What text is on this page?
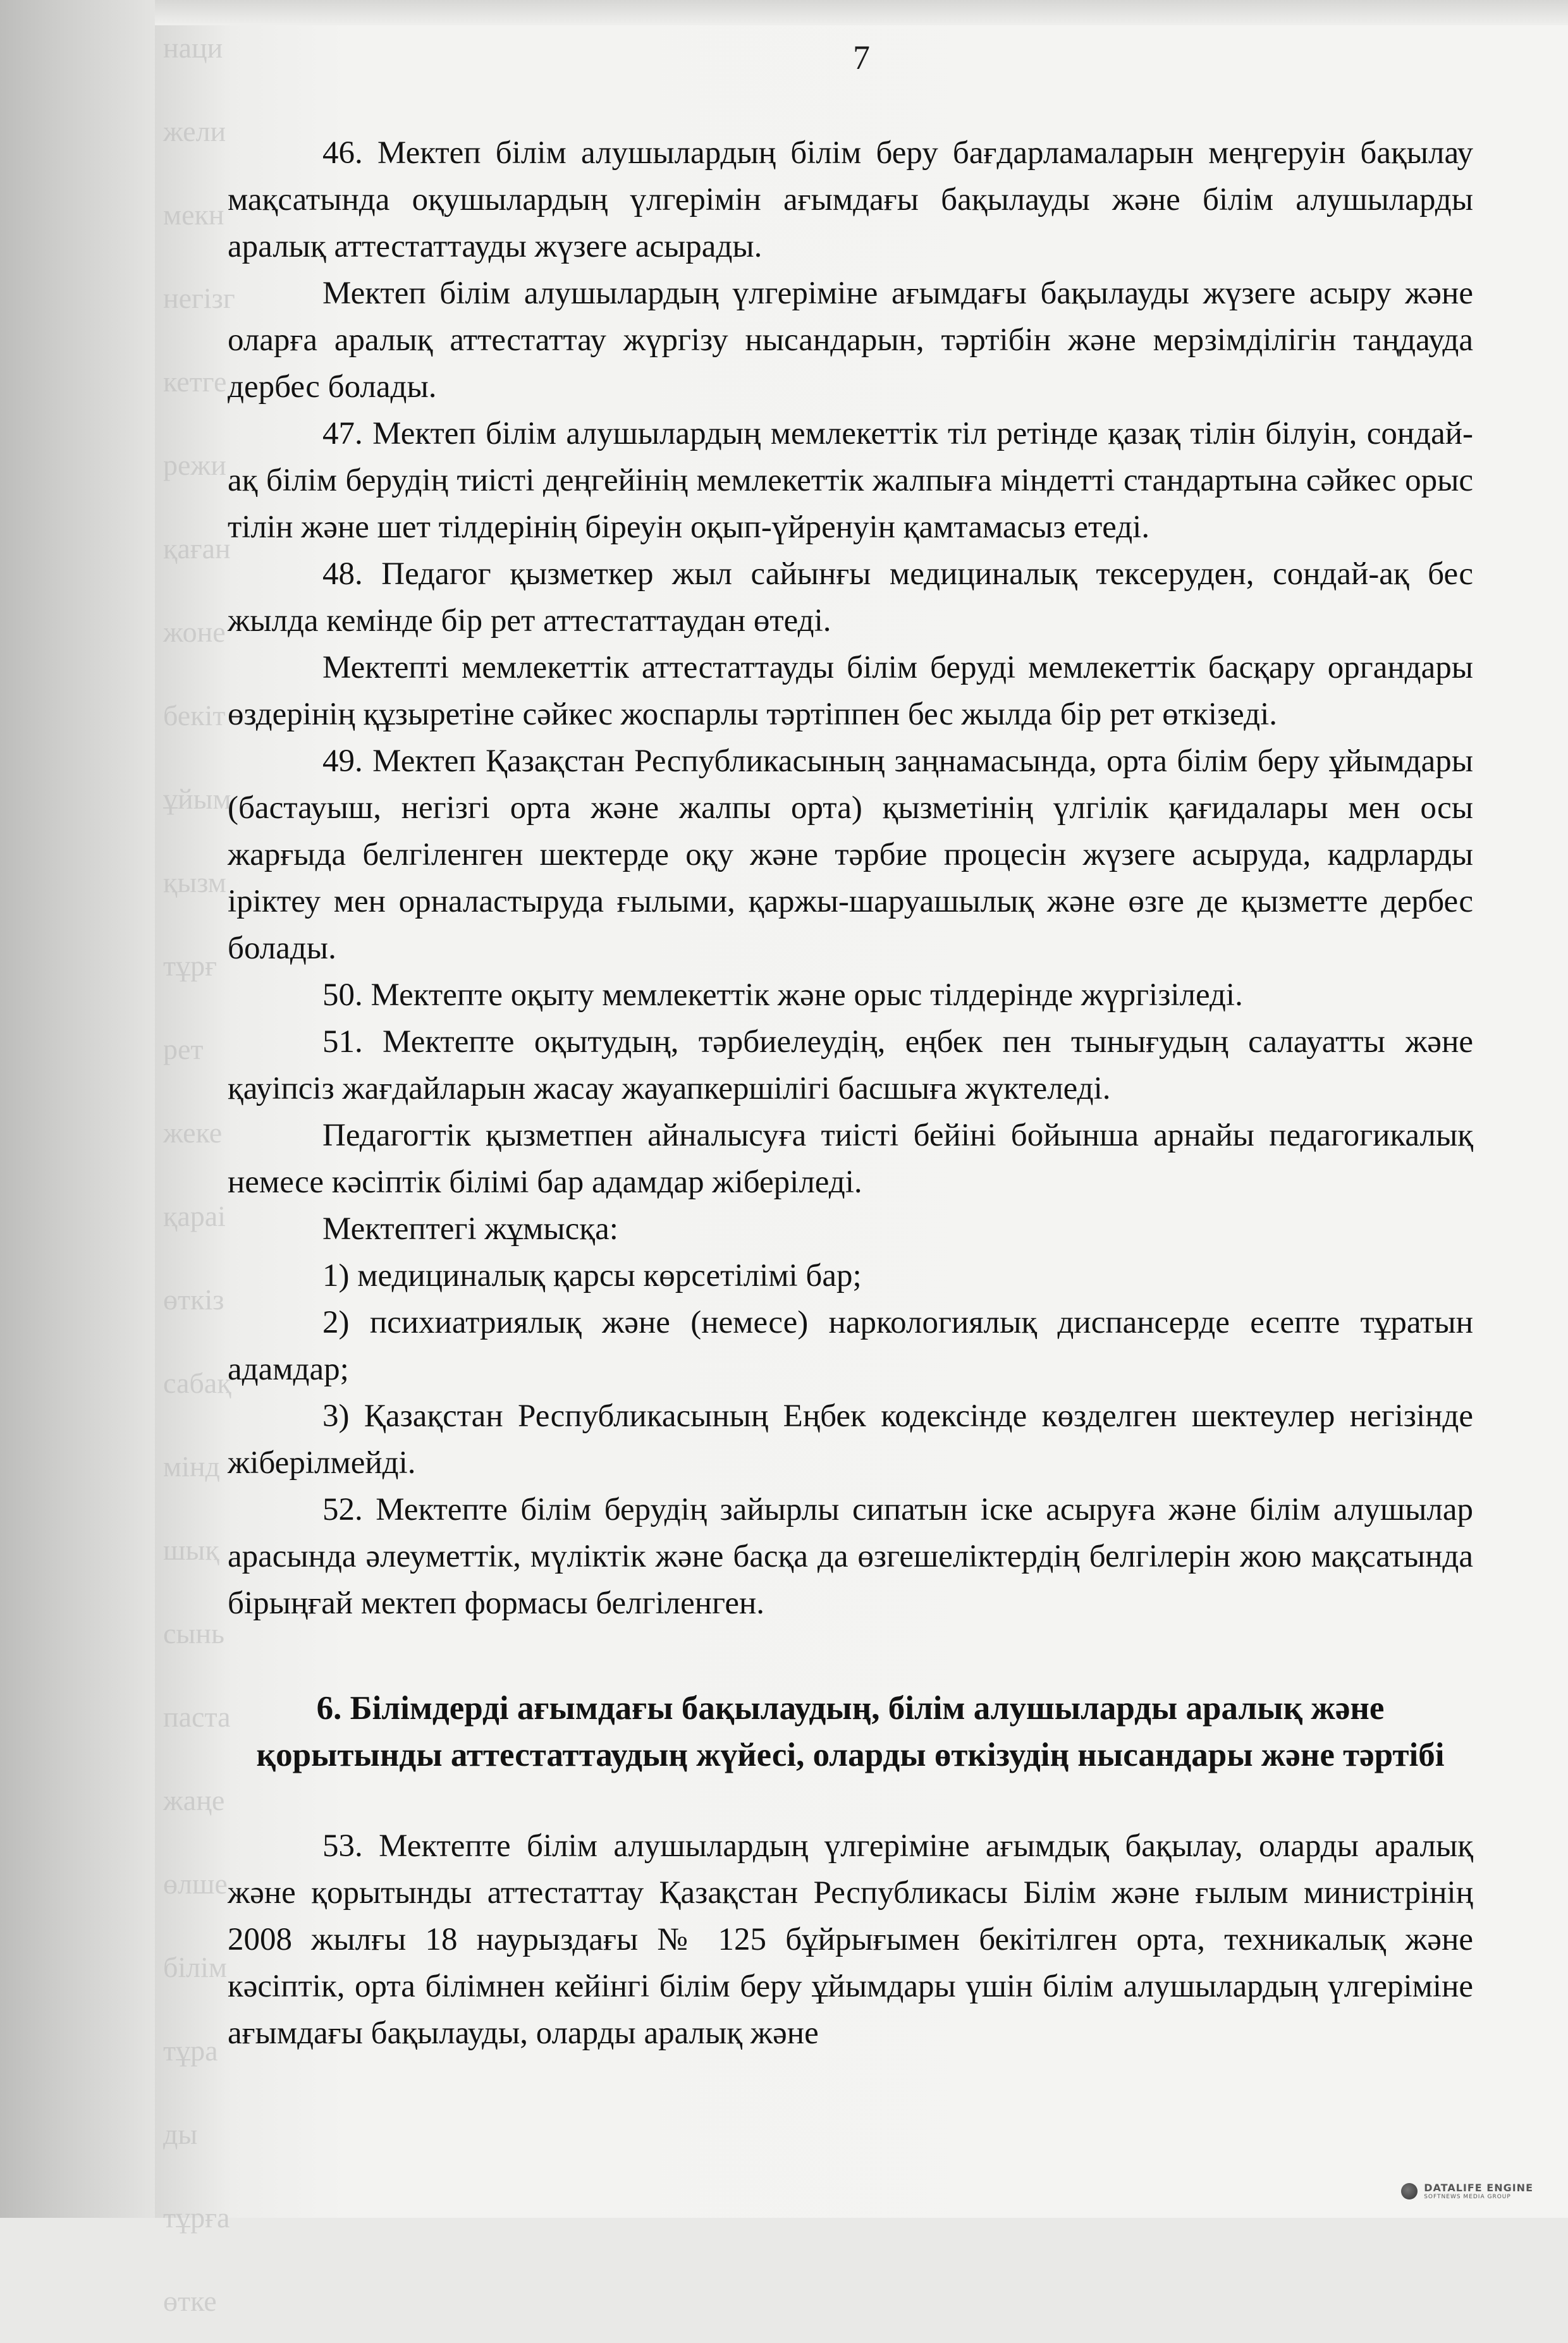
7
наци
жели
мекн
негізг
кетге
режи
қаған
жоне
бекіт
ұйым
қызм
тұрғ
рет
жеке
қараі
өткіз
сабақ
мінд
шық
сынь
паста
жаңе
өлше
білім
тұра
ды
тұрға
өтке

46. Мектеп білім алушылардың білім беру бағдарламаларын меңгеруін бақылау мақсатында оқушылардың үлгерімін ағымдағы бақылауды және білім алушыларды аралық аттестаттауды жүзеге асырады.

Мектеп білім алушылардың үлгеріміне ағымдағы бақылауды жүзеге асыру және оларға аралық аттестаттау жүргізу нысандарын, тәртібін және мерзімділігін таңдауда дербес болады.

47. Мектеп білім алушылардың мемлекеттік тіл ретінде қазақ тілін білуін, сондай-ақ білім берудің тиісті деңгейінің мемлекеттік жалпыға міндетті стандартына сәйкес орыс тілін және шет тілдерінің біреуін оқып-үйренуін қамтамасыз етеді.

48. Педагог қызметкер жыл сайынғы медициналық тексеруден, сондай-ақ бес жылда кемінде бір рет аттестаттаудан өтеді.

Мектепті мемлекеттік аттестаттауды білім беруді мемлекеттік басқару органдары өздерінің құзыретіне сәйкес жоспарлы тәртіппен бес жылда бір рет өткізеді.

49. Мектеп Қазақстан Республикасының заңнамасында, орта білім беру ұйымдары (бастауыш, негізгі орта және жалпы орта) қызметінің үлгілік қағидалары мен осы жарғыда белгіленген шектерде оқу және тәрбие процесін жүзеге асыруда, кадрларды іріктеу мен орналастыруда ғылыми, қаржы-шаруашылық және өзге де қызметте дербес болады.

50. Мектепте оқыту мемлекеттік және орыс тілдерінде жүргізіледі.

51. Мектепте оқытудың, тәрбиелеудің, еңбек пен тынығудың салауатты және қауіпсіз жағдайларын жасау жауапкершілігі басшыға жүктеледі.

Педагогтік қызметпен айналысуға тиісті бейіні бойынша арнайы педагогикалық немесе кәсіптік білімі бар адамдар жіберіледі.

Мектептегі жұмысқа:

1) медициналық қарсы көрсетілімі бар;

2) психиатриялық және (немесе) наркологиялық диспансерде есепте тұратын адамдар;

3) Қазақстан Республикасының Еңбек кодексінде көзделген шектеулер негізінде жіберілмейді.

52. Мектепте білім берудің зайырлы сипатын іске асыруға және білім алушылар арасында әлеуметтік, мүліктік және басқа да өзгешеліктердің белгілерін жою мақсатында бірыңғай мектеп формасы белгіленген.

6. Білімдерді ағымдағы бақылаудың, білім алушыларды аралық және қорытынды аттестаттаудың жүйесі, оларды өткізудің нысандары және тәртібі

53. Мектепте білім алушылардың үлгеріміне ағымдық бақылау, оларды аралық және қорытынды аттестаттау Қазақстан Республикасы Білім және ғылым министрінің 2008 жылғы 18 наурыздағы № 125 бұйрығымен бекітілген орта, техникалық және кәсіптік, орта білімнен кейінгі білім беру ұйымдары үшін білім алушылардың үлгеріміне ағымдағы бақылауды, оларды аралық және

DATALIFE ENGINE
SOFTNEWS MEDIA GROUP
